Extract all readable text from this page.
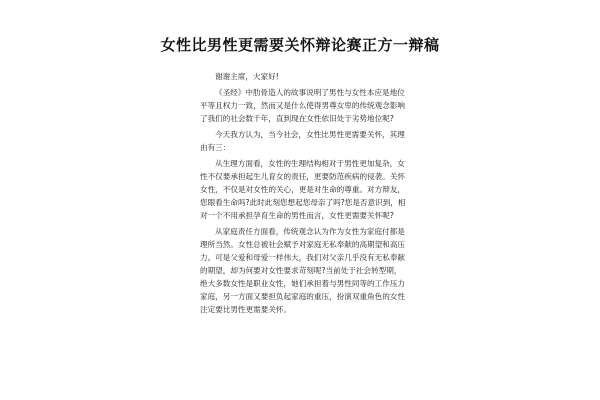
女性比男性更需要关怀辩论赛正方一辩稿

谢谢主席，大家好!

《圣经》中肋骨造人的故事说明了男性与女性本应是地位平等且权力一致，然而又是什么使得男尊女卑的传统观念影响了我们的社会数千年，直到现在女性依旧处于劣势地位呢?

今天我方认为，当今社会，女性比男性更需要关怀，其理由有三：

从生理方面看，女性的生理结构相对于男性更加复杂，女性不仅要承担起生儿育女的责任，更要防范疾病的侵袭。关怀女性，不仅是对女性的关心，更是对生命的尊重。对方辩友，您眼看生命吗?此时此刻您想起您母亲了吗?您是否意识到，相对一个不用承担孕育生命的男性而言，女性更需要关怀呢?

从家庭责任方面看，传统观念认为作为女性为家庭付都是理所当然。女性总被社会赋予对家庭无私奉献的高期望和高压力。可是父爱和母爱一样伟大，我们对父亲几乎没有无私奉献的期望，却为何要对女性要求苛刻呢?当前处于社会转型期，绝大多数女性是职业女性，她们承担着与男性同等的工作压力家庭，另一方面又要担负起家庭的重压，扮演双重角色的女性注定要比男性更需要关怀。
